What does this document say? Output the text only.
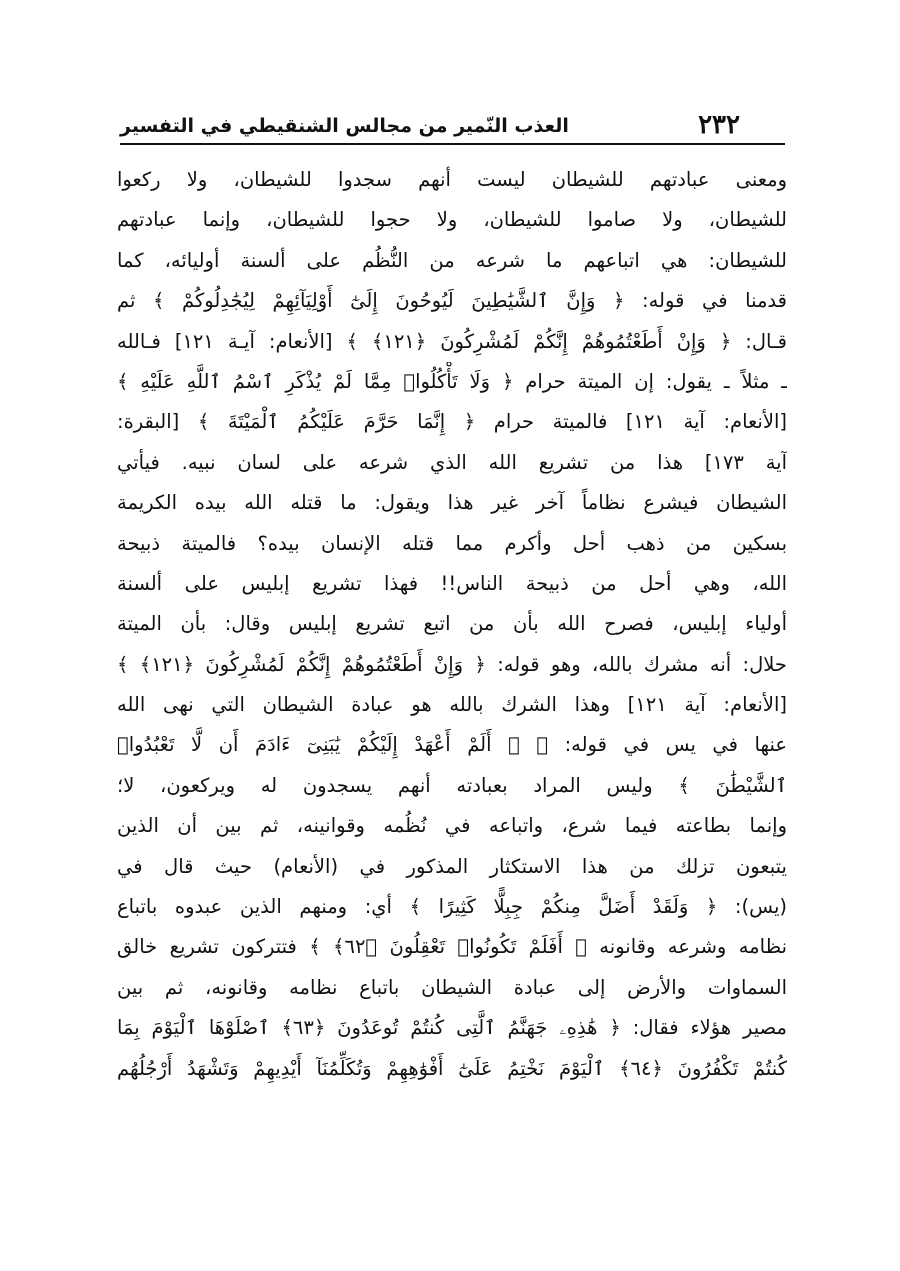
٢٣٢
العذب النّمير من مجالس الشنقيطي في التفسير
ومعنى عبادتهم للشيطان ليست أنهم سجدوا للشيطان، ولا ركعوا
للشيطان، ولا صاموا للشيطان، ولا حجوا للشيطان، وإنما عبادتهم
للشيطان: هي اتباعهم ما شرعه من النُّظُم على ألسنة أوليائه، كما
قدمنا في قوله: ﴿ وَإِنَّ ٱلشَّيَٰطِينَ لَيُوحُونَ إِلَىٰٓ أَوْلِيَآئِهِمْ لِيُجَٰدِلُوكُمْ ﴾ ثم
قـال: ﴿ وَإِنْ أَطَعْتُمُوهُمْ إِنَّكُمْ لَمُشْرِكُونَ ﴿١٢١﴾ ﴾ [الأنعام: آيـة ١٢١] فـالله
ـ مثلاً ـ يقول: إن الميتة حرام ﴿ وَلَا تَأْكُلُوا۟ مِمَّا لَمْ يُذْكَرِ ٱسْمُ ٱللَّهِ عَلَيْهِ ﴾
[الأنعام: آية ١٢١] فالميتة حرام ﴿ إِنَّمَا حَرَّمَ عَلَيْكُمُ ٱلْمَيْتَةَ ﴾ [البقرة:
آية ١٧٣] هذا من تشريع الله الذي شرعه على لسان نبيه. فيأتي
الشيطان فيشرع نظاماً آخر غير هذا ويقول: ما قتله الله بيده الكريمة
بسكين من ذهب أحل وأكرم مما قتله الإنسان بيده؟ فالميتة ذبيحة
الله، وهي أحل من ذبيحة الناس!! فهذا تشريع إبليس على ألسنة
أولياء إبليس، فصرح الله بأن من اتبع تشريع إبليس وقال: بأن الميتة
حلال: أنه مشرك بالله، وهو قوله: ﴿ وَإِنْ أَطَعْتُمُوهُمْ إِنَّكُمْ لَمُشْرِكُونَ ﴿١٢١﴾ ﴾
[الأنعام: آية ١٢١] وهذا الشرك بالله هو عبادة الشيطان التي نهى الله
عنها في يس في قوله: ﴿ ۞ أَلَمْ أَعْهَدْ إِلَيْكُمْ يَٰبَنِىٓ ءَادَمَ أَن لَّا تَعْبُدُوا۟
ٱلشَّيْطَٰنَ ﴾ وليس المراد بعبادته أنهم يسجدون له ويركعون، لا؛
وإنما بطاعته فيما شرع، واتباعه في نُظُمه وقوانينه، ثم بين أن الذين
يتبعون تزلك من هذا الاستكثار المذكور في (الأنعام) حيث قال في
(يس): ﴿ وَلَقَدْ أَضَلَّ مِنكُمْ جِبِلًّا كَثِيرًا ﴾ أي: ومنهم الذين عبدوه باتباع
نظامه وشرعه وقانونه ﴿ أَفَلَمْ تَكُونُوا۟ تَعْقِلُونَ ﴿٦٢﴾ ﴾ فتتركون تشريع خالق
السماوات والأرض إلى عبادة الشيطان باتباع نظامه وقانونه، ثم بين
مصير هؤلاء فقال: ﴿ هَٰذِهِۦ جَهَنَّمُ ٱلَّتِى كُنتُمْ تُوعَدُونَ ﴿٦٣﴾ ٱصْلَوْهَا ٱلْيَوْمَ بِمَا
كُنتُمْ تَكْفُرُونَ ﴿٦٤﴾ ٱلْيَوْمَ نَخْتِمُ عَلَىٰٓ أَفْوَٰهِهِمْ وَتُكَلِّمُنَآ أَيْدِيهِمْ وَتَشْهَدُ أَرْجُلُهُم
